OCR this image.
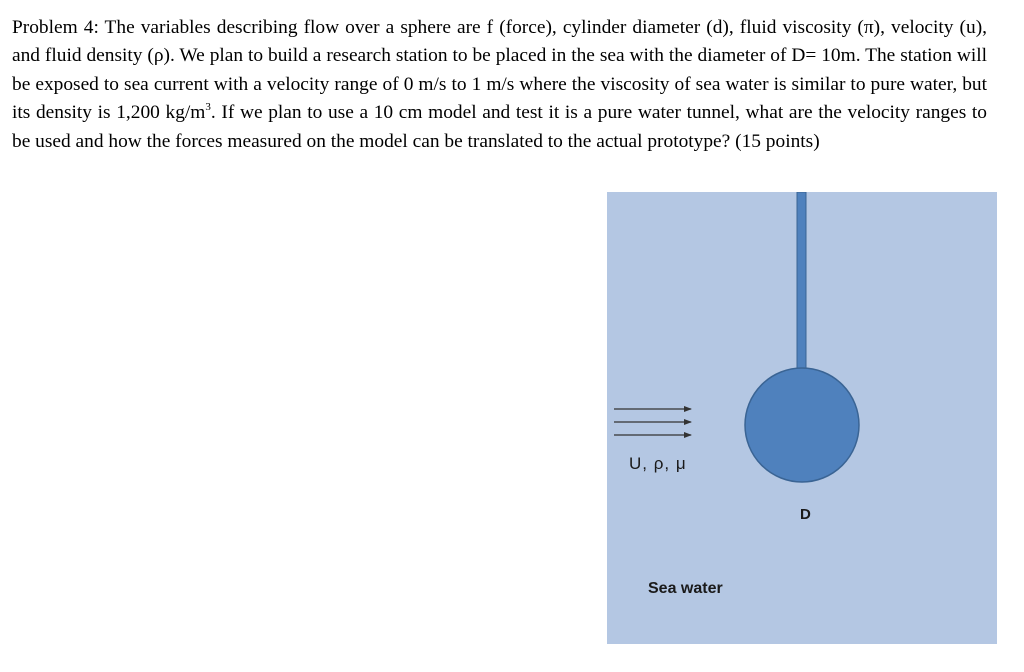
Problem 4: The variables describing flow over a sphere are f (force), cylinder diameter (d), fluid viscosity (π), velocity (u), and fluid density (ρ). We plan to build a research station to be placed in the sea with the diameter of D= 10m. The station will be exposed to sea current with a velocity range of 0 m/s to 1 m/s where the viscosity of sea water is similar to pure water, but its density is 1,200 $kg/m^3$. If we plan to use a 10 cm model and test it is a pure water tunnel, what are the velocity ranges to be used and how the forces measured on the model can be translated to the actual prototype? (15 points)

U, ρ, μ
D
Sea water
